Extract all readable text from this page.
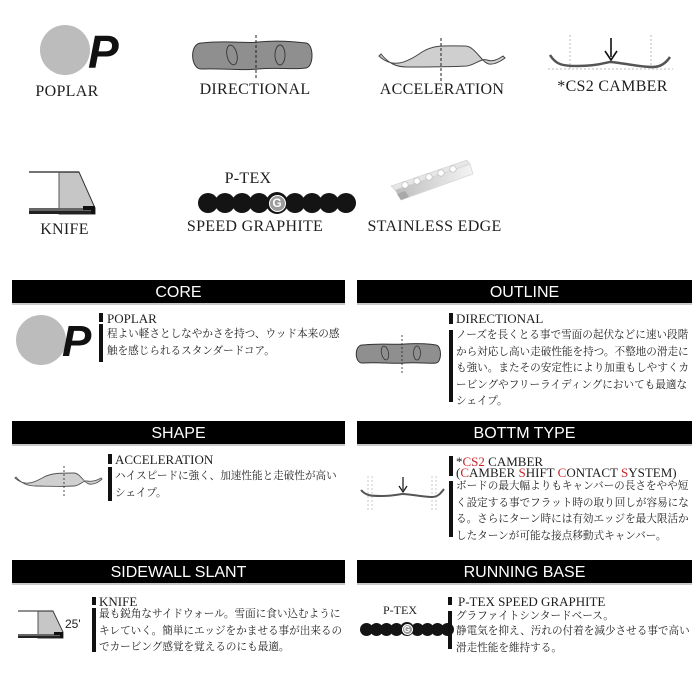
P
POPLAR	DIRECTIONAL	ACCELERATION	*CS2 CAMBER
KNIFE
P-TEX
G
SPEED GRAPHITE	STAINLESS EDGE
CORE
P POPLAR
程よい軽さとしなやかさを持つ、ウッド本来の感触を感じられるスタンダードコア。
OUTLINE
DIRECTIONAL
ノーズを長くとる事で雪面の起伏などに速い段階から対応し高い走破性能を持つ。不整地の滑走にも強い。またその安定性により加重もしやすくカービングやフリーライディングにおいても最適なシェイプ。
SHAPE
ACCELERATION
ハイスピードに強く、加速性能と走破性が高いシェイプ。
BOTTM TYPE
*CS2 CAMBER
(CAMBER SHIFT CONTACT SYSTEM)
ボードの最大幅よりもキャンバーの長さをやや短く設定する事でフラット時の取り回しが容易になる。さらにターン時には有効エッジを最大限活かしたターンが可能な接点移動式キャンバー。
SIDEWALL SLANT
25'
KNIFE
最も鋭角なサイドウォール。雪面に食い込むようにキレていく。簡単にエッジをかませる事が出来るのでカービング感覚を覚えるのにも最適。
RUNNING BASE
P-TEX
G
P-TEX SPEED GRAPHITE
グラファイトシンタードベース。
静電気を抑え、汚れの付着を減少させる事で高い滑走性能を維持する。
